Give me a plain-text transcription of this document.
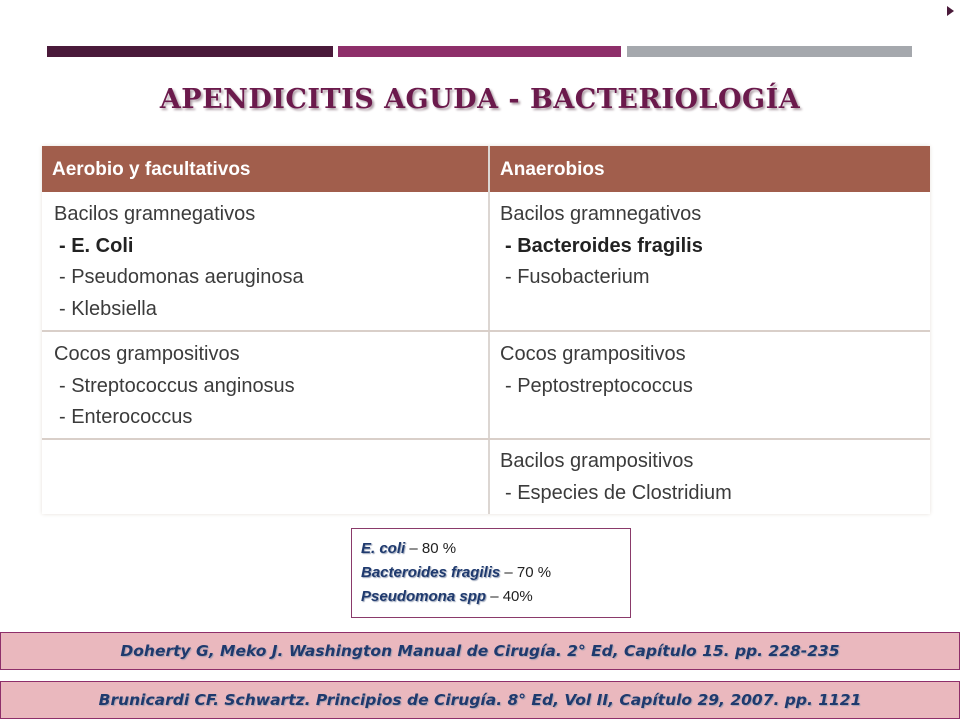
APENDICITIS AGUDA - BACTERIOLOGÍA
Aerobio y facultativos	Anaerobios
Bacilos gramnegativos
- E. Coli
- Pseudomonas aeruginosa
- Klebsiella
Bacilos gramnegativos
- Bacteroides fragilis
- Fusobacterium
Cocos grampositivos
- Streptococcus anginosus
- Enterococcus
Cocos grampositivos
- Peptostreptococcus
Bacilos grampositivos
- Especies de Clostridium
E. coli – 80 %
Bacteroides fragilis – 70 %
Pseudomona spp – 40%
Doherty G, Meko J. Washington Manual de Cirugía. 2° Ed, Capítulo 15. pp. 228-235
Brunicardi CF. Schwartz. Principios de Cirugía. 8° Ed, Vol II, Capítulo 29, 2007. pp. 1121
